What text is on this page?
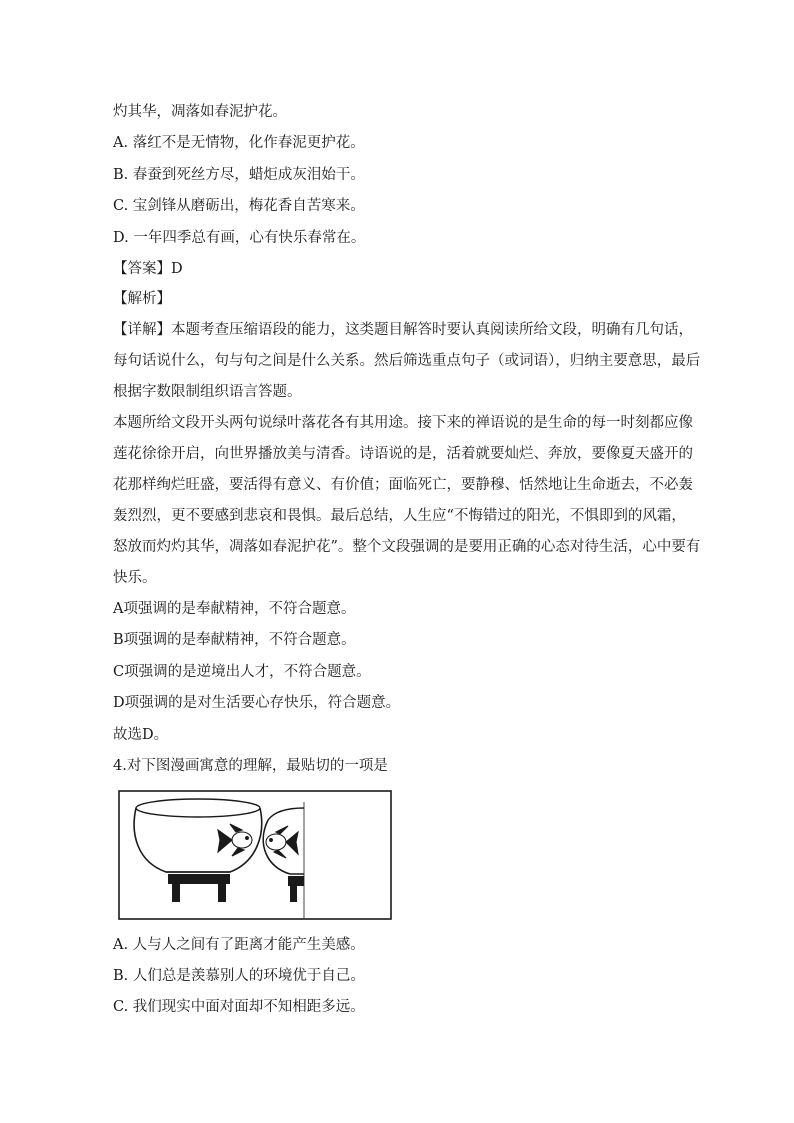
灼其华，凋落如春泥护花。
A. 落红不是无情物，化作春泥更护花。
B. 春蚕到死丝方尽，蜡炬成灰泪始干。
C. 宝剑锋从磨砺出，梅花香自苦寒来。
D. 一年四季总有画，心有快乐春常在。
【答案】D
【解析】
【详解】本题考查压缩语段的能力，这类题目解答时要认真阅读所给文段，明确有几句话，
每句话说什么，句与句之间是什么关系。然后筛选重点句子（或词语），归纳主要意思，最后
根据字数限制组织语言答题。
本题所给文段开头两句说绿叶落花各有其用途。接下来的禅语说的是生命的每一时刻都应像
莲花徐徐开启，向世界播放美与清香。诗语说的是，活着就要灿烂、奔放，要像夏天盛开的
花那样绚烂旺盛，要活得有意义、有价值；面临死亡，要静穆、恬然地让生命逝去，不必轰
轰烈烈，更不要感到悲哀和畏惧。最后总结，人生应“不悔错过的阳光，不惧即到的风霜，
怒放而灼灼其华，凋落如春泥护花”。整个文段强调的是要用正确的心态对待生活，心中要有
快乐。
A项强调的是奉献精神，不符合题意。
B项强调的是奉献精神，不符合题意。
C项强调的是逆境出人才，不符合题意。
D项强调的是对生活要心存快乐，符合题意。
故选D。
4.对下图漫画寓意的理解，最贴切的一项是
A. 人与人之间有了距离才能产生美感。
B. 人们总是羡慕别人的环境优于自己。
C. 我们现实中面对面却不知相距多远。
